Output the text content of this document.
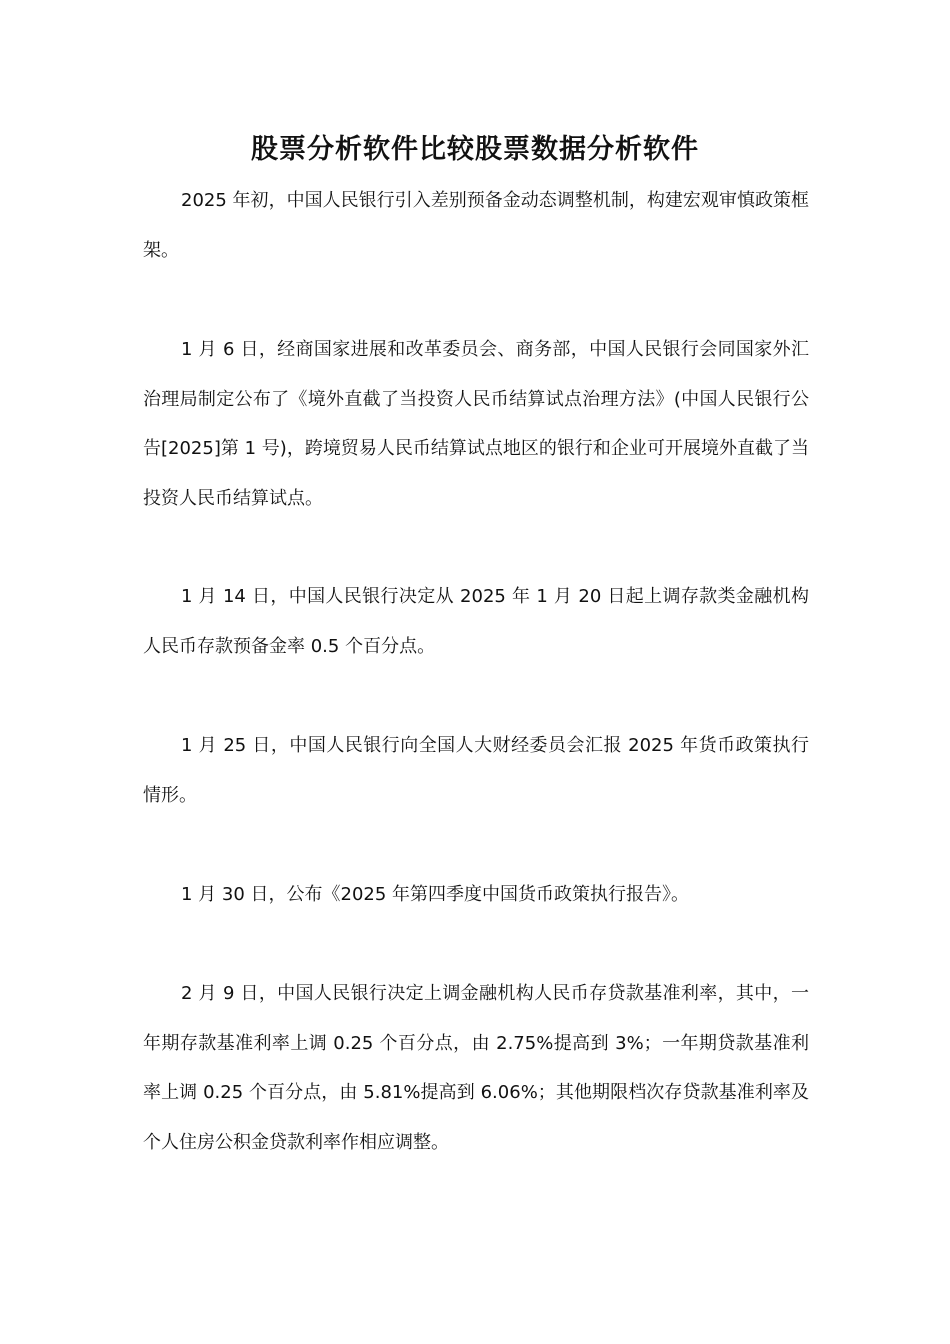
股票分析软件比较股票数据分析软件

2025 年初，中国人民银行引入差别预备金动态调整机制，构建宏观审慎政策框架。

1 月 6 日，经商国家进展和改革委员会、商务部，中国人民银行会同国家外汇治理局制定公布了《境外直截了当投资人民币结算试点治理方法》(中国人民银行公告[2025]第 1 号)，跨境贸易人民币结算试点地区的银行和企业可开展境外直截了当投资人民币结算试点。

1 月 14 日，中国人民银行决定从 2025 年 1 月 20 日起上调存款类金融机构人民币存款预备金率 0.5 个百分点。

1 月 25 日，中国人民银行向全国人大财经委员会汇报 2025 年货币政策执行情形。

1 月 30 日，公布《2025 年第四季度中国货币政策执行报告》。

2 月 9 日，中国人民银行决定上调金融机构人民币存贷款基准利率，其中，一年期存款基准利率上调 0.25 个百分点，由 2.75%提高到 3%；一年期贷款基准利率上调 0.25 个百分点，由 5.81%提高到 6.06%；其他期限档次存贷款基准利率及个人住房公积金贷款利率作相应调整。
